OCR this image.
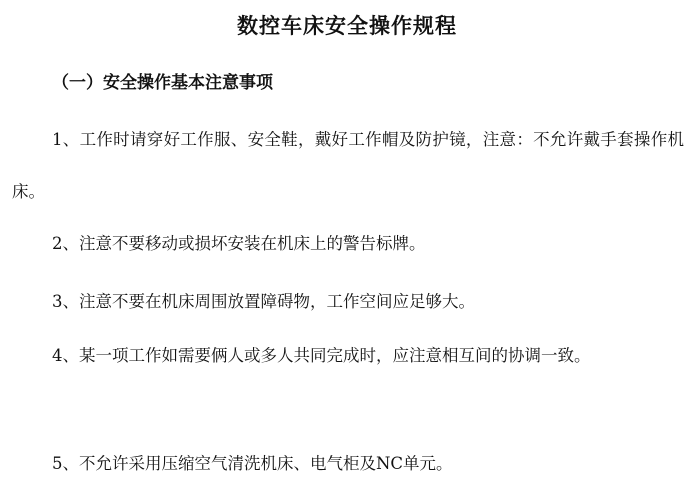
数控车床安全操作规程
（一）安全操作基本注意事项

1、工作时请穿好工作服、安全鞋，戴好工作帽及防护镜，注意：不允许戴手套操作机床。

2、注意不要移动或损坏安装在机床上的警告标牌。

3、注意不要在机床周围放置障碍物，工作空间应足够大。

4、某一项工作如需要俩人或多人共同完成时，应注意相互间的协调一致。

5、不允许采用压缩空气清洗机床、电气柜及NC单元。
